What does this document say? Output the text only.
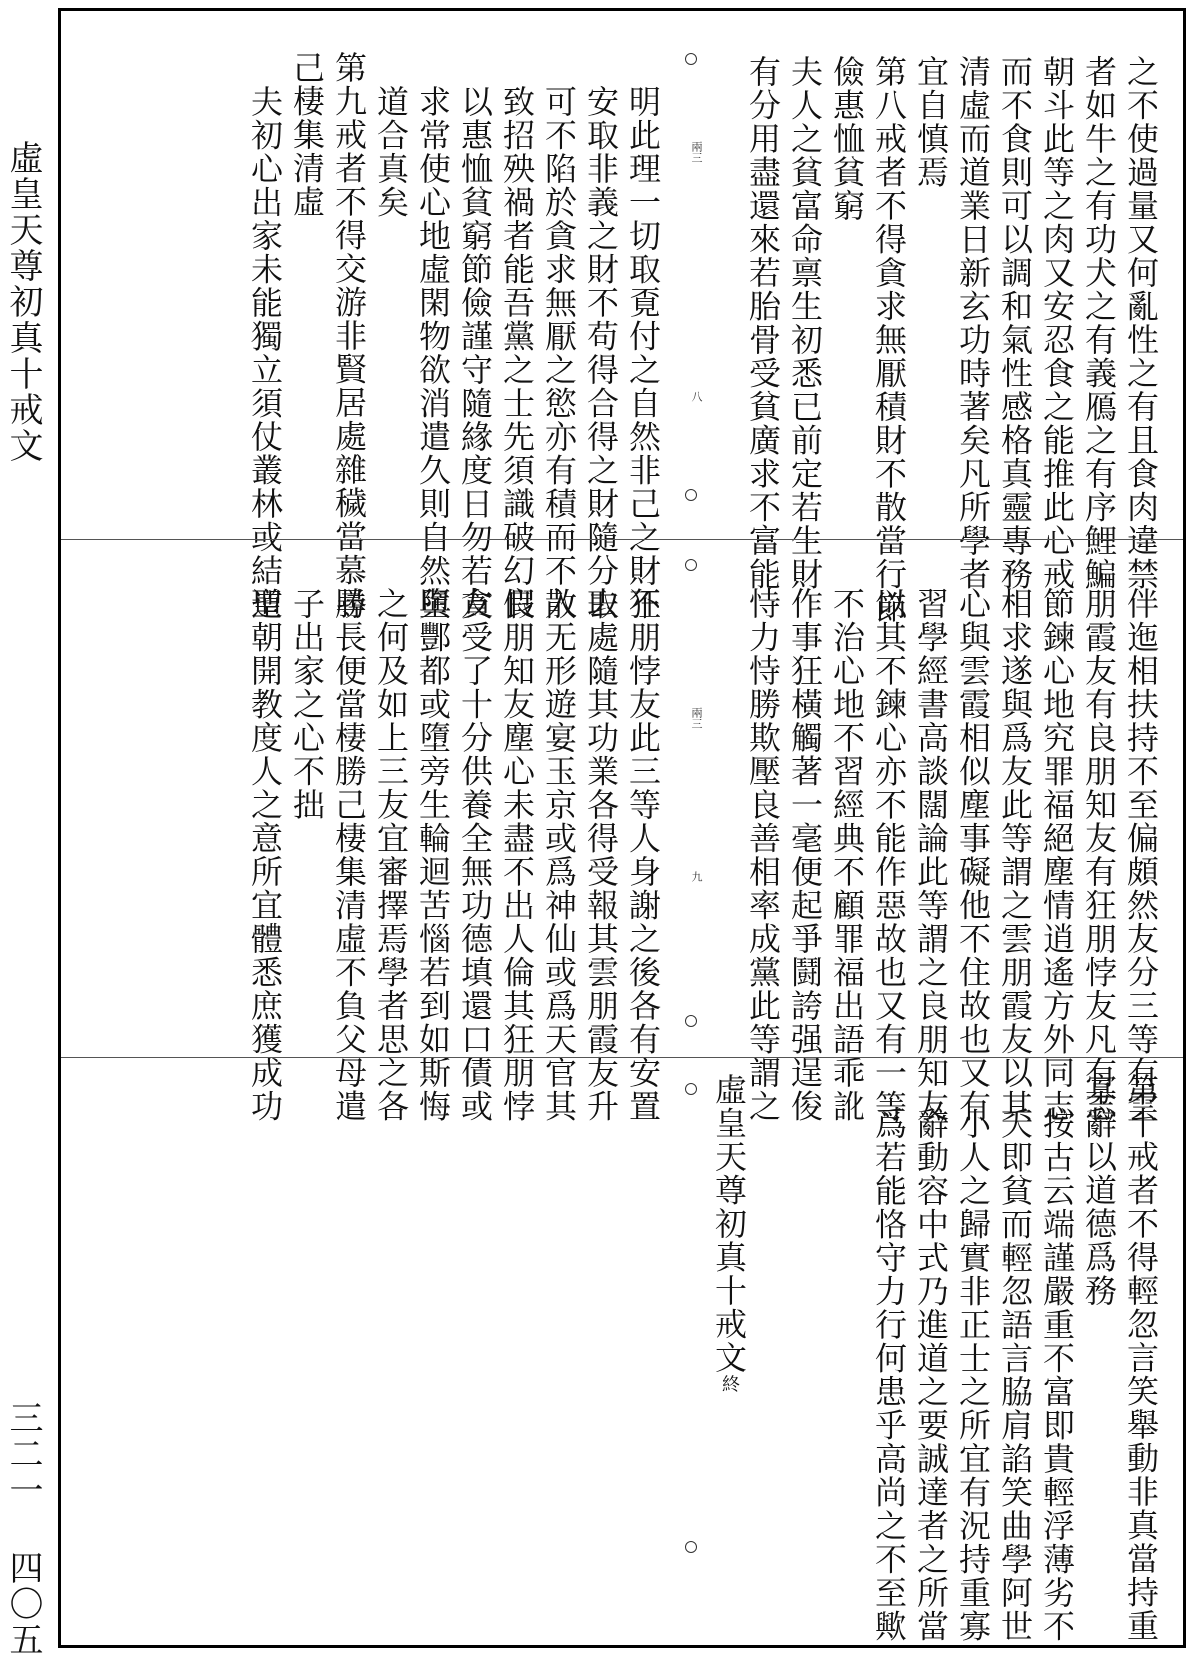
虛皇天尊初真十戒文
三二一 四〇五
之不使過量又何亂性之有且食肉違禁
者如牛之有功犬之有義鴈之有序鯉鯿
朝斗此等之肉又安忍食之能推此心戒
而不食則可以調和氣性感格真靈專務
清虛而道業日新玄功時著矣凡所學者
宜自慎焉
第八戒者不得貪求無厭積財不散當行節
儉惠恤貧窮
夫人之貧富命禀生初悉已前定若生財
有分用盡還來若胎骨受貧廣求不富能
明此理一切取覔付之自然非己之財不
安取非義之財不苟得合得之財隨分取
可不陷於貪求無厭之慾亦有積而不散
致招殃禍者能吾黨之士先須識破幻假
以惠恤貧窮節儉謹守隨緣度日勿若貪
求常使心地虛閑物欲消遣久則自然與
道合真矣
第九戒者不得交游非賢居處雜穢當慕勝
己棲集清虛
夫初心出家未能獨立須仗叢林或結道	兩三
八
伴迤相扶持不至偏頗然友分三等有雲
朋霞友有良朋知友有狂朋悖友凡有志
節鍊心地究罪福絕塵情逍遙方外同志
相求遂與爲友此等謂之雲朋霞友以其
心與雲霞相似塵事礙他不住故也又有
習學經書高談闊論此等謂之良朋知友
以其不鍊心亦不能作惡故也又有一等
不治心地不習經典不顧罪福出語乖訛
作事狂橫觸著一毫便起爭鬪誇强逞俊
恃力恃勝欺壓良善相率成黨此等謂之
狂朋悖友此三等人身謝之後各有安置
去處隨其功業各得受報其雲朋霞友升
入无形遊宴玉京或爲神仙或爲天官其
良朋知友塵心未盡不出人倫其狂朋悖
友受了十分供養全無功德填還口債或
墮酆都或墮旁生輪迴苦惱若到如斯悔
之何及如上三友宜審擇焉學者思之各
尋長便當棲勝己棲集清虛不負父母遣
子出家之心不拙
聖朝開教度人之意所宜體悉庶獲成功	兩三
九
第十戒者不得輕忽言笑舉動非真當持重
寡辭以道德爲務
按古云端謹嚴重不富即貴輕浮薄劣不
夭即貧而輕忽語言脇肩諂笑曲學阿世
小人之歸實非正士之所宜有況持重寡
辭動容中式乃進道之要誠達者之所當
爲若能恪守力行何患乎高尚之不至歟
虛皇天尊初真十戒文終
